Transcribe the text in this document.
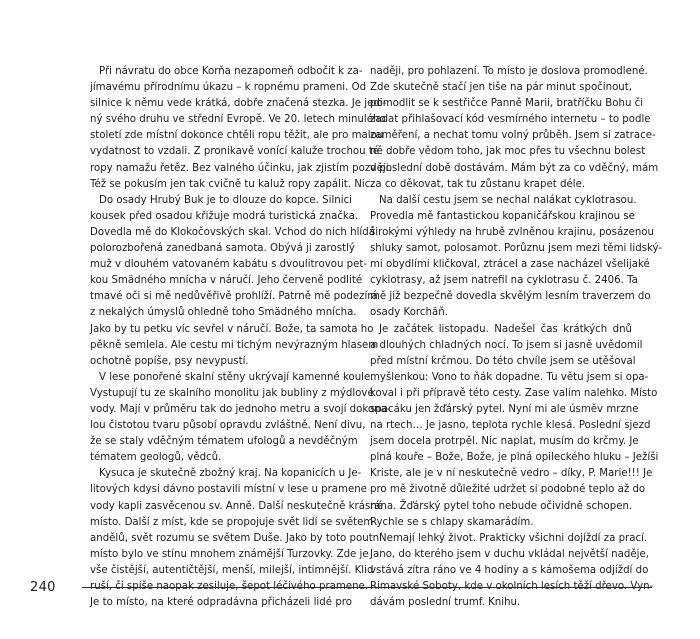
Při návratu do obce Korňa nezapomeň odbočit k za-
jímavému přírodnímu úkazu – k ropnému prameni. Od
silnice k němu vede krátká, dobře značená stezka. Je jedi-
ný svého druhu ve střední Evropě. Ve 20. letech minulého
století zde místní dokonce chtěli ropu těžit, ale pro malou
vydatnost to vzdali. Z pronikavě vonící kaluže trochou té
ropy namažu řetěz. Bez valného účinku, jak zjistím později.
Též se pokusím jen tak cvičně tu kaluž ropy zapálit. Nic.
Do osady Hrubý Buk je to dlouze do kopce. Silnici
kousek před osadou křižuje modrá turistická značka.
Dovedla mě do Klokočovských skal. Vchod do nich hlídá
polorozbořená zanedbaná samota. Obývá ji zarostlý
muž v dlouhém vatovaném kabátu s dvoulitrovou pet-
kou Smädného mnícha v náručí. Jeho červeně podlité
tmavé oči si mě nedůvěřivě prohlíží. Patrně mě podezírá
z nekalých úmyslů ohledně toho Smädného mnícha.
Jako by tu petku víc sevřel v náručí. Bože, ta samota ho
pěkně semlela. Ale cestu mi tichým nevýrazným hlasem
ochotně popíše, psy nevypustí.
V lese ponořené skalní stěny ukrývají kamenné koule.
Vystupují tu ze skalního monolitu jak bubliny z mýdlové
vody. Mají v průměru tak do jednoho metru a svojí dokona-
lou čistotou tvaru působí opravdu zvláštně. Není divu,
že se staly vděčným tématem ufologů a nevděčným
tématem geologů, vědců.
Kysuca je skutečně zbožný kraj. Na kopanicích u Je-
litových kdysi dávno postavili místní v lese u pramene
vody kapli zasvěcenou sv. Anně. Další neskutečně krásné
místo. Další z míst, kde se propojuje svět lidí se světem
andělů, svět rozumu se světem Duše. Jako by toto poutní
místo bylo ve stínu mnohem známější Turzovky. Zde je
vše čistější, autentičtější, menší, milejší, intimnější. Klid
ruší, či spíše naopak zesiluje, šepot léčivého pramene.
Je to místo, na které odpradávna přicházeli lidé pro
naději, pro pohlazení. To místo je doslova promodlené.
Zde skutečně stačí jen tiše na pár minut spočinout,
pomodlit se k sestřičce Panně Marii, bratříčku Bohu či
zadat přihlašovací kód vesmírného internetu – to podle
zaměření, a nechat tomu volný průběh. Jsem si zatrace-
ně dobře vědom toho, jak moc přes tu všechnu bolest
v poslední době dostávám. Mám být za co vděčný, mám
za co děkovat, tak tu zůstanu krapet déle.
Na další cestu jsem se nechal nalákat cyklotrasou.
Provedla mě fantastickou kopaničářskou krajinou se
širokými výhledy na hrubě zvlněnou krajinu, posázenou
shluky samot, polosamot. Porůznu jsem mezi těmi lidský-
mi obydlími kličkoval, ztrácel a zase nacházel všelijaké
cyklotrasy, až jsem natrefil na cyklotrasu č. 2406. Ta
mě již bezpečně dovedla skvělým lesním traverzem do
osady Korchăň.
Je začátek listopadu. Nadešel čas krátkých dnů
a dlouhých chladných nocí. To jsem si jasně uvědomil
před místní krčmou. Do této chvíle jsem se utěšoval
myšlenkou: Vono to ňák dopadne. Tu větu jsem si opa-
koval i při přípravě této cesty. Zase valím nalehko. Místo
spacáku jen žďárský pytel. Nyní mi ale úsměv mrzne
na rtech… Je jasno, teplota rychle klesá. Poslední sjezd
jsem docela protrpěl. Nic naplat, musím do krčmy. Je
plná kouře – Bože, Bože, je plná opileckého hluku – Ježíši
Kriste, ale je v ní neskutečně vedro – díky, P. Marie!!! Je
pro mě životně důležité udržet si podobné teplo až do
rána. Žďárský pytel toho nebude očividně schopen.
Rychle se s chlapy skamarádím.
Nemají lehký život. Prakticky všichni dojíždí za prací.
Jano, do kterého jsem v duchu vkládal největší naděje,
vstává zítra ráno ve 4 hodiny a s kámošema odjíždí do
Rimavské Soboty, kde v okolních lesích těží dřevo. Vyn-
dávám poslední trumf. Knihu.
240
